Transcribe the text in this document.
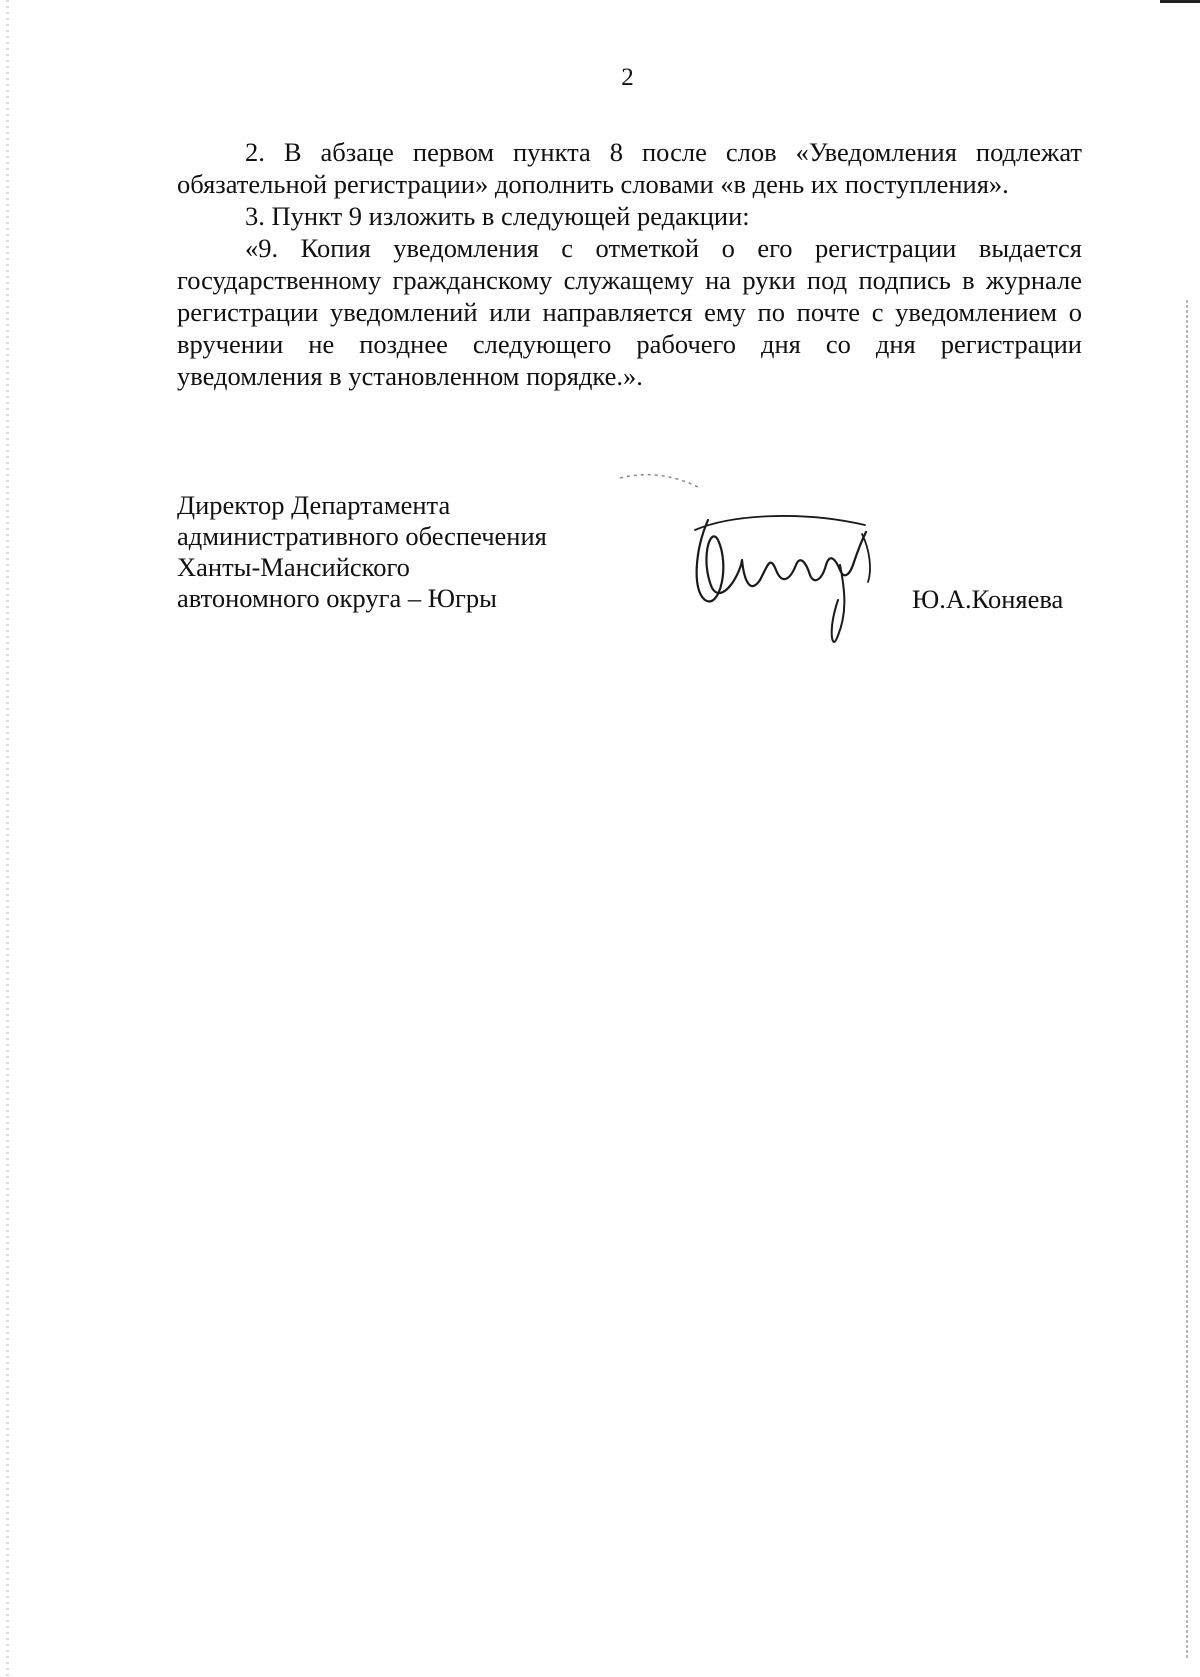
2

2. В абзаце первом пункта 8 после слов «Уведомления подлежат обязательной регистрации» дополнить словами «в день их поступления».

3. Пункт 9 изложить в следующей редакции:

«9. Копия уведомления с отметкой о его регистрации выдается государственному гражданскому служащему на руки под подпись в журнале регистрации уведомлений или направляется ему по почте с уведомлением о вручении не позднее следующего рабочего дня со дня регистрации уведомления в установленном порядке.».

Директор Департамента
административного обеспечения
Ханты-Мансийского
автономного округа – Югры	Ю.А.Коняева
